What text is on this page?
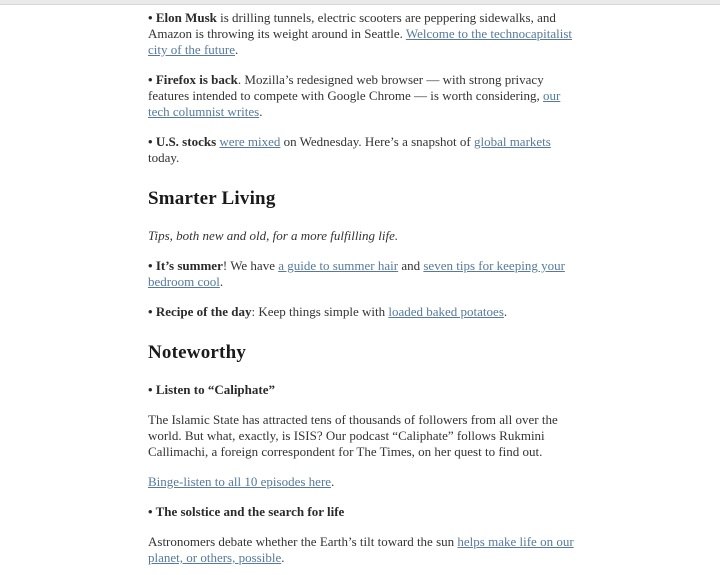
• Elon Musk is drilling tunnels, electric scooters are peppering sidewalks, and Amazon is throwing its weight around in Seattle. Welcome to the technocapitalist city of the future.

• Firefox is back. Mozilla’s redesigned web browser — with strong privacy features intended to compete with Google Chrome — is worth considering, our tech columnist writes.

• U.S. stocks were mixed on Wednesday. Here’s a snapshot of global markets today.

Smarter Living

Tips, both new and old, for a more fulfilling life.

• It’s summer! We have a guide to summer hair and seven tips for keeping your bedroom cool.

• Recipe of the day: Keep things simple with loaded baked potatoes.

Noteworthy

• Listen to “Caliphate”

The Islamic State has attracted tens of thousands of followers from all over the world. But what, exactly, is ISIS? Our podcast “Caliphate” follows Rukmini Callimachi, a foreign correspondent for The Times, on her quest to find out.

Binge-listen to all 10 episodes here.

• The solstice and the search for life

Astronomers debate whether the Earth’s tilt toward the sun helps make life on our planet, or others, possible.
